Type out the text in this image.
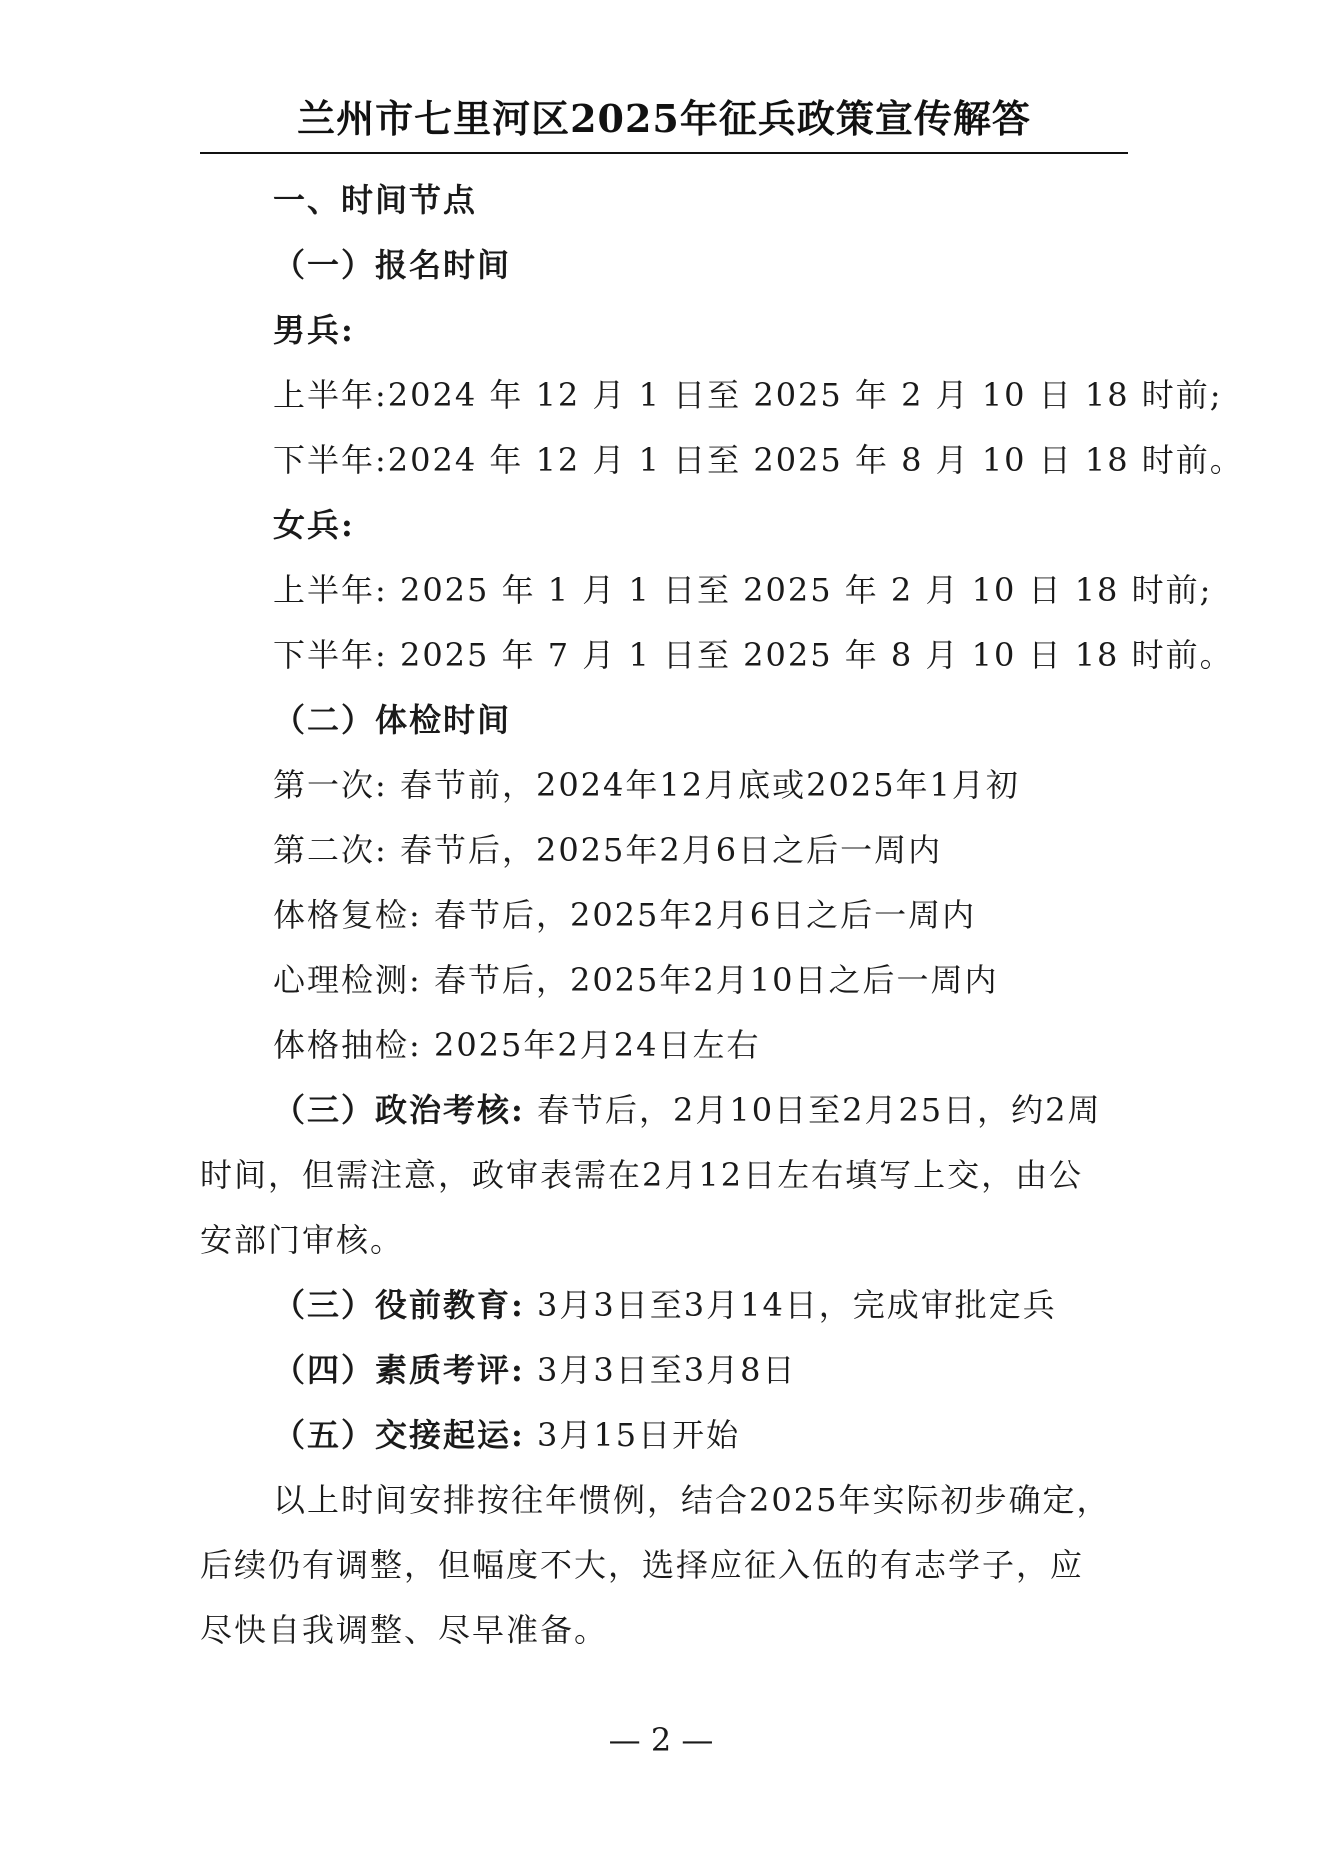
兰州市七里河区2025年征兵政策宣传解答
一、时间节点
（一）报名时间
男兵:
上半年:2024 年 12 月 1 日至 2025 年 2 月 10 日 18 时前;
下半年:2024 年 12 月 1 日至 2025 年 8 月 10 日 18 时前。
女兵:
上半年: 2025 年 1 月 1 日至 2025 年 2 月 10 日 18 时前;
下半年: 2025 年 7 月 1 日至 2025 年 8 月 10 日 18 时前。
（二）体检时间
第一次: 春节前，2024年12月底或2025年1月初
第二次: 春节后，2025年2月6日之后一周内
体格复检: 春节后，2025年2月6日之后一周内
心理检测: 春节后，2025年2月10日之后一周内
体格抽检: 2025年2月24日左右
（三）政治考核: 春节后，2月10日至2月25日，约2周
时间，但需注意，政审表需在2月12日左右填写上交，由公
安部门审核。
（三）役前教育: 3月3日至3月14日，完成审批定兵
（四）素质考评: 3月3日至3月8日
（五）交接起运: 3月15日开始
以上时间安排按往年惯例，结合2025年实际初步确定，
后续仍有调整，但幅度不大，选择应征入伍的有志学子，应
尽快自我调整、尽早准备。
— 2 —
